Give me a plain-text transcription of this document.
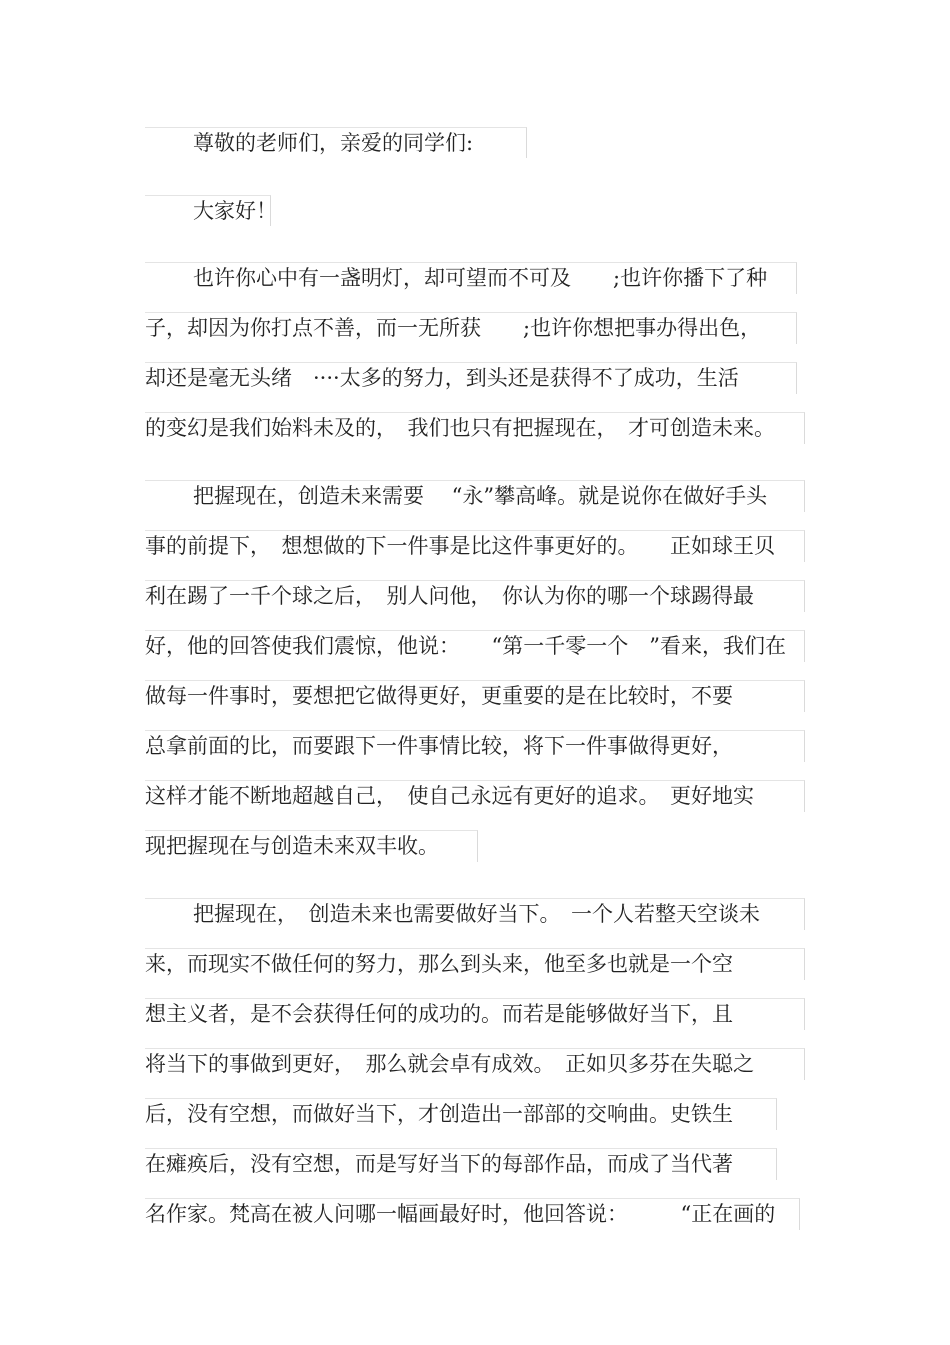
尊敬的老师们，亲爱的同学们:
大家好！
也许你心中有一盏明灯，却可望而不可及　　;也许你播下了种
子，却因为你打点不善，而一无所获　　;也许你想把事办得出色，
却还是毫无头绪　····太多的努力，到头还是获得不了成功，生活
的变幻是我们始料未及的，　我们也只有把握现在，　才可创造未来。
把握现在，创造未来需要　 “永”攀高峰。就是说你在做好手头
事的前提下，　想想做的下一件事是比这件事更好的。　　正如球王贝
利在踢了一千个球之后，　别人问他，　你认为你的哪一个球踢得最
好，他的回答使我们震惊，他说：　　“第一千零一个　”看来，我们在
做每一件事时，要想把它做得更好，更重要的是在比较时，不要
总拿前面的比，而要跟下一件事情比较，将下一件事做得更好，
这样才能不断地超越自己，　使自己永远有更好的追求。　更好地实
现把握现在与创造未来双丰收。
把握现在，　创造未来也需要做好当下。　一个人若整天空谈未
来，而现实不做任何的努力，那么到头来，他至多也就是一个空
想主义者，是不会获得任何的成功的。而若是能够做好当下，且
将当下的事做到更好，　那么就会卓有成效。　正如贝多芬在失聪之
后，没有空想，而做好当下，才创造出一部部的交响曲。史铁生
在瘫痪后，没有空想，而是写好当下的每部作品，而成了当代著
名作家。梵高在被人问哪一幅画最好时，他回答说：　　　“正在画的
